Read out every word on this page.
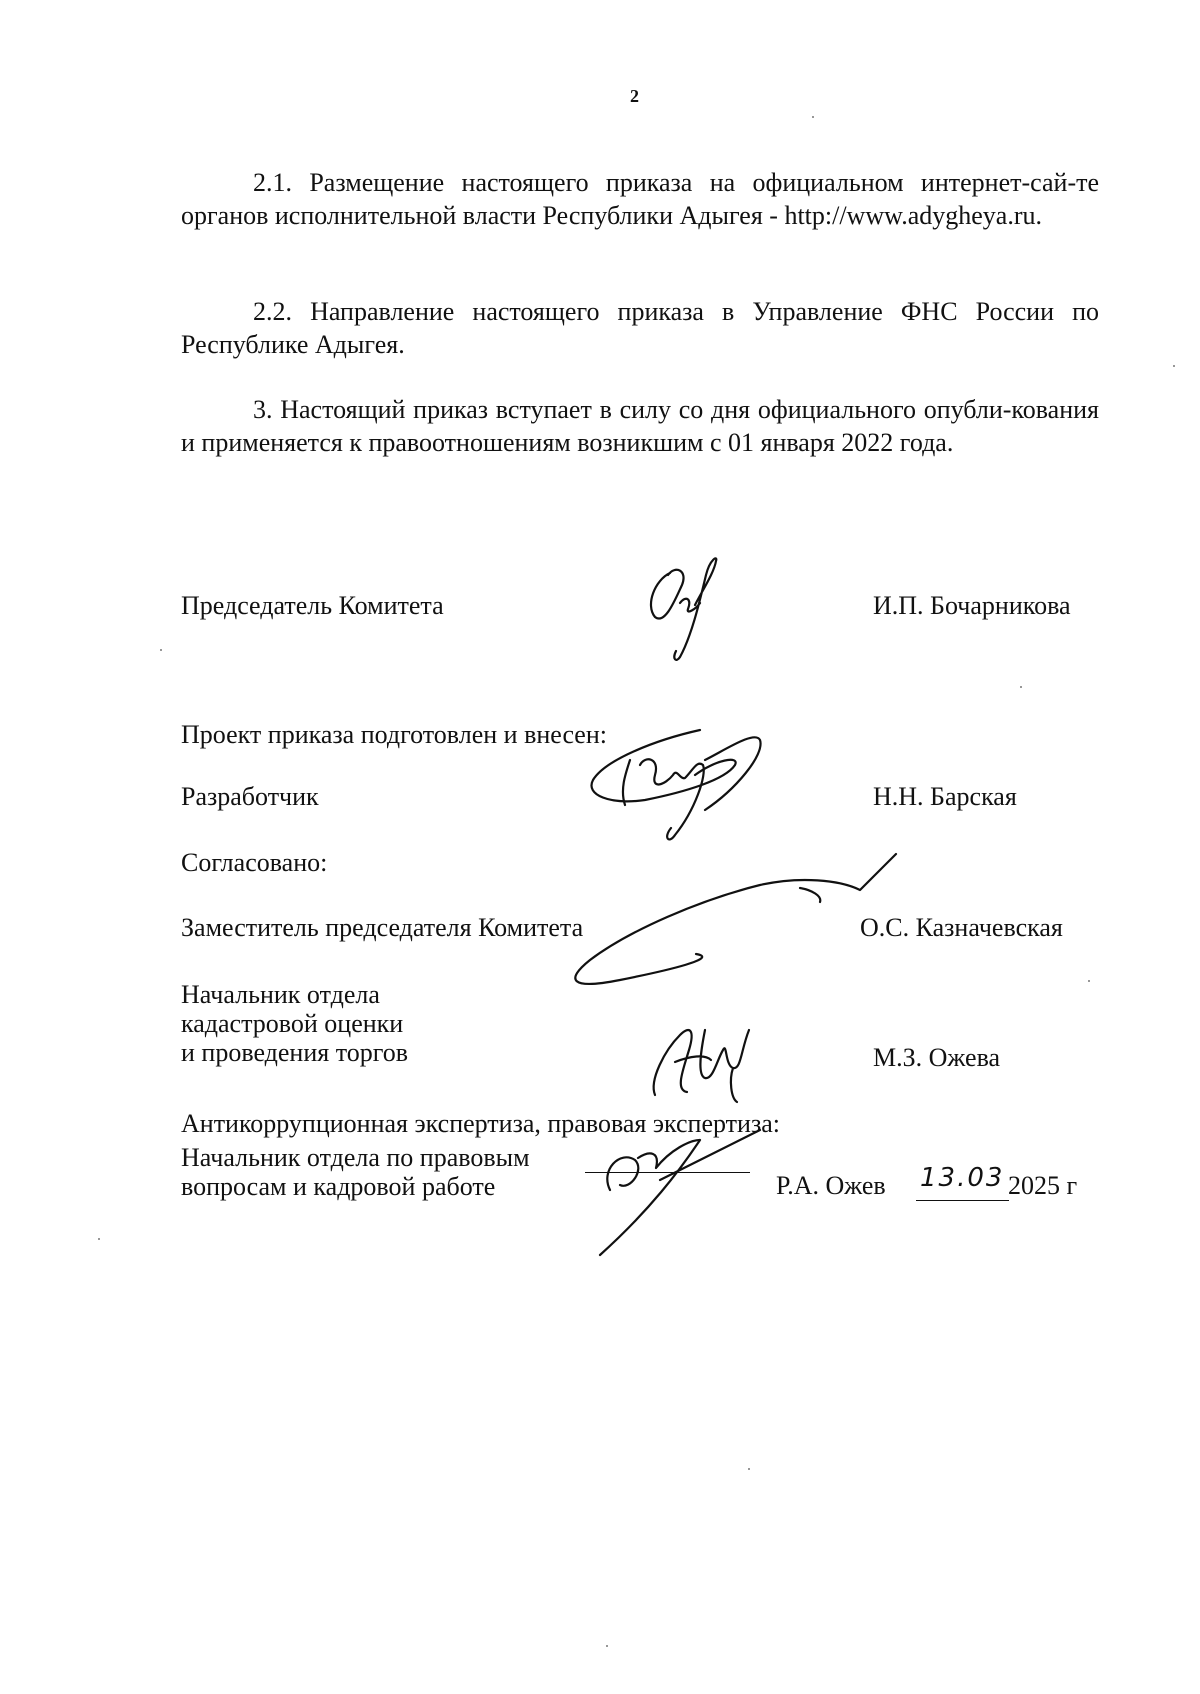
2

2.1. Размещение настоящего приказа на официальном интернет-сай-те органов исполнительной власти Республики Адыгея - http://www.adygheya.ru.

2.2. Направление настоящего приказа в Управление ФНС России по Республике Адыгея.

3. Настоящий приказ вступает в силу со дня официального опубли-кования и применяется к правоотношениям возникшим с 01 января 2022 года.

Председатель Комитета	И.П. Бочарникова
Проект приказа подготовлен и внесен:
Разработчик	Н.Н. Барская
Согласовано:
Заместитель председателя Комитета	О.С. Казначевская
Начальник отдела
кадастровой оценки
и проведения торгов	М.З. Ожева
Антикоррупционная экспертиза, правовая экспертиза:
Начальник отдела по правовым
вопросам и кадровой работе	Р.А. Ожев 13.03 2025 г
